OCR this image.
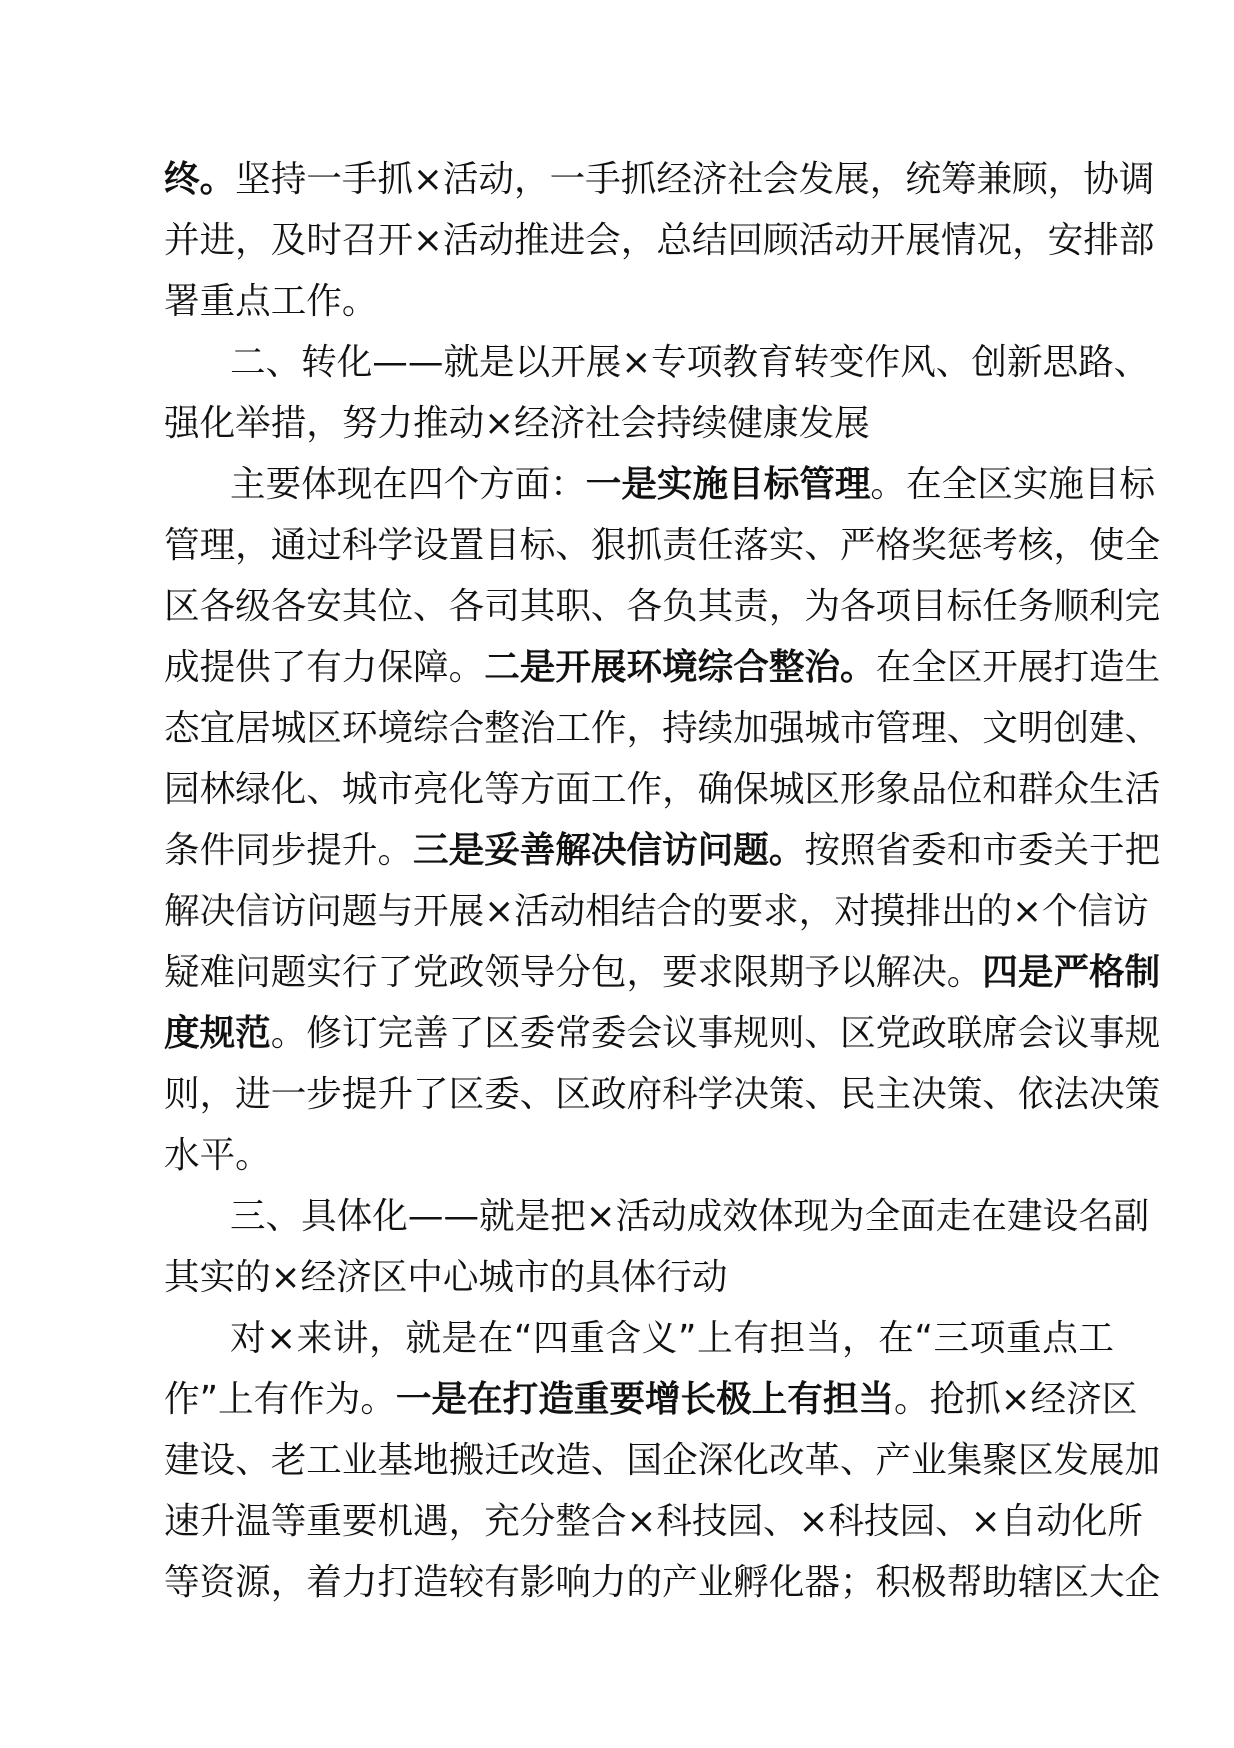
终。坚持一手抓×活动，一手抓经济社会发展，统筹兼顾，协调
并进，及时召开×活动推进会，总结回顾活动开展情况，安排部
署重点工作。
二、转化——就是以开展×专项教育转变作风、创新思路、
强化举措，努力推动×经济社会持续健康发展
主要体现在四个方面：一是实施目标管理。在全区实施目标
管理，通过科学设置目标、狠抓责任落实、严格奖惩考核，使全
区各级各安其位、各司其职、各负其责，为各项目标任务顺利完
成提供了有力保障。二是开展环境综合整治。在全区开展打造生
态宜居城区环境综合整治工作，持续加强城市管理、文明创建、
园林绿化、城市亮化等方面工作，确保城区形象品位和群众生活
条件同步提升。三是妥善解决信访问题。按照省委和市委关于把
解决信访问题与开展×活动相结合的要求，对摸排出的×个信访
疑难问题实行了党政领导分包，要求限期予以解决。四是严格制
度规范。修订完善了区委常委会议事规则、区党政联席会议事规
则，进一步提升了区委、区政府科学决策、民主决策、依法决策
水平。
三、具体化——就是把×活动成效体现为全面走在建设名副
其实的×经济区中心城市的具体行动
对×来讲，就是在“四重含义”上有担当，在“三项重点工
作”上有作为。一是在打造重要增长极上有担当。抢抓×经济区
建设、老工业基地搬迁改造、国企深化改革、产业集聚区发展加
速升温等重要机遇，充分整合×科技园、×科技园、×自动化所
等资源，着力打造较有影响力的产业孵化器；积极帮助辖区大企
